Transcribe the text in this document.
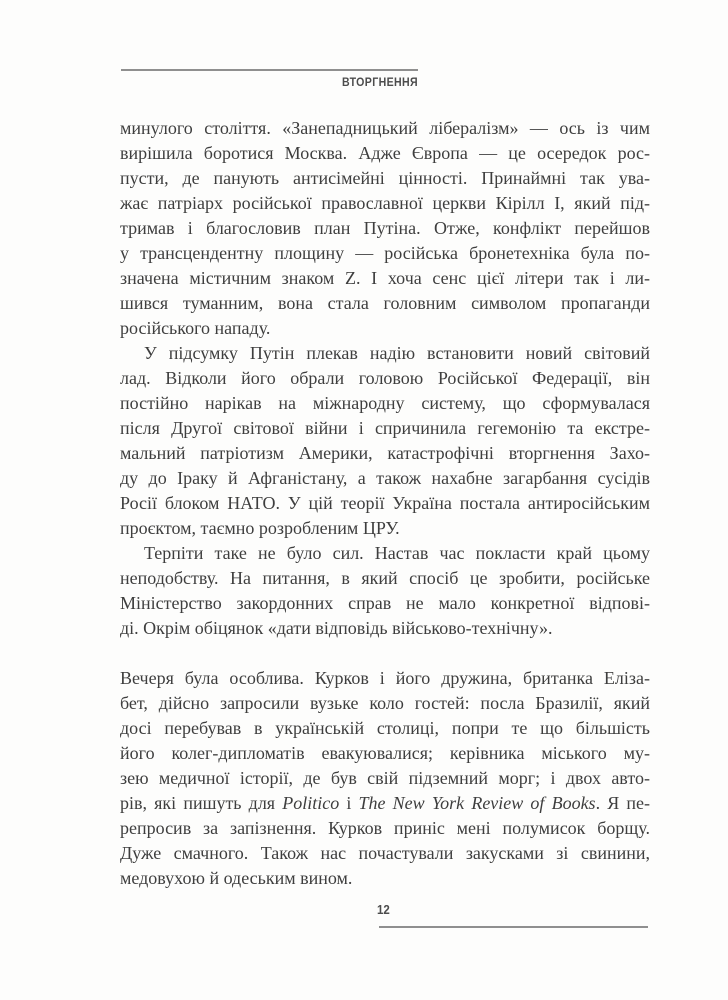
ВТОРГНЕННЯ
минулого століття. «Занепадницький лібералізм» — ось із чим
вирішила боротися Москва. Адже Європа — це осередок рос-
пусти, де панують антисімейні цінності. Принаймні так ува-
жає патріарх російської православної церкви Кірілл I, який під-
тримав і благословив план Путіна. Отже, конфлікт перейшов
у трансцендентну площину — російська бронетехніка була по-
значена містичним знаком Z. І хоча сенс цієї літери так і ли-
шився туманним, вона стала головним символом пропаганди
російського нападу.
У підсумку Путін плекав надію встановити новий світовий
лад. Відколи його обрали головою Російської Федерації, він
постійно нарікав на міжнародну систему, що сформувалася
після Другої світової війни і спричинила гегемонію та екстре-
мальний патріотизм Америки, катастрофічні вторгнення Захо-
ду до Іраку й Афганістану, а також нахабне загарбання сусідів
Росії блоком НАТО. У цій теорії Україна постала антиросійським
проєктом, таємно розробленим ЦРУ.
Терпіти таке не було сил. Настав час покласти край цьому
неподобству. На питання, в який спосіб це зробити, російське
Міністерство закордонних справ не мало конкретної відпові-
ді. Окрім обіцянок «дати відповідь військово-технічну».
Вечеря була особлива. Курков і його дружина, британка Еліза-
бет, дійсно запросили вузьке коло гостей: посла Бразилії, який
досі перебував в українській столиці, попри те що більшість
його колег-дипломатів евакуювалися; керівника міського му-
зею медичної історії, де був свій підземний морг; і двох авто-
рів, які пишуть для Politico і The New York Review of Books. Я пе-
репросив за запізнення. Курков приніс мені полумисок борщу.
Дуже смачного. Також нас почастували закусками зі свинини,
медовухою й одеським вином.
12
